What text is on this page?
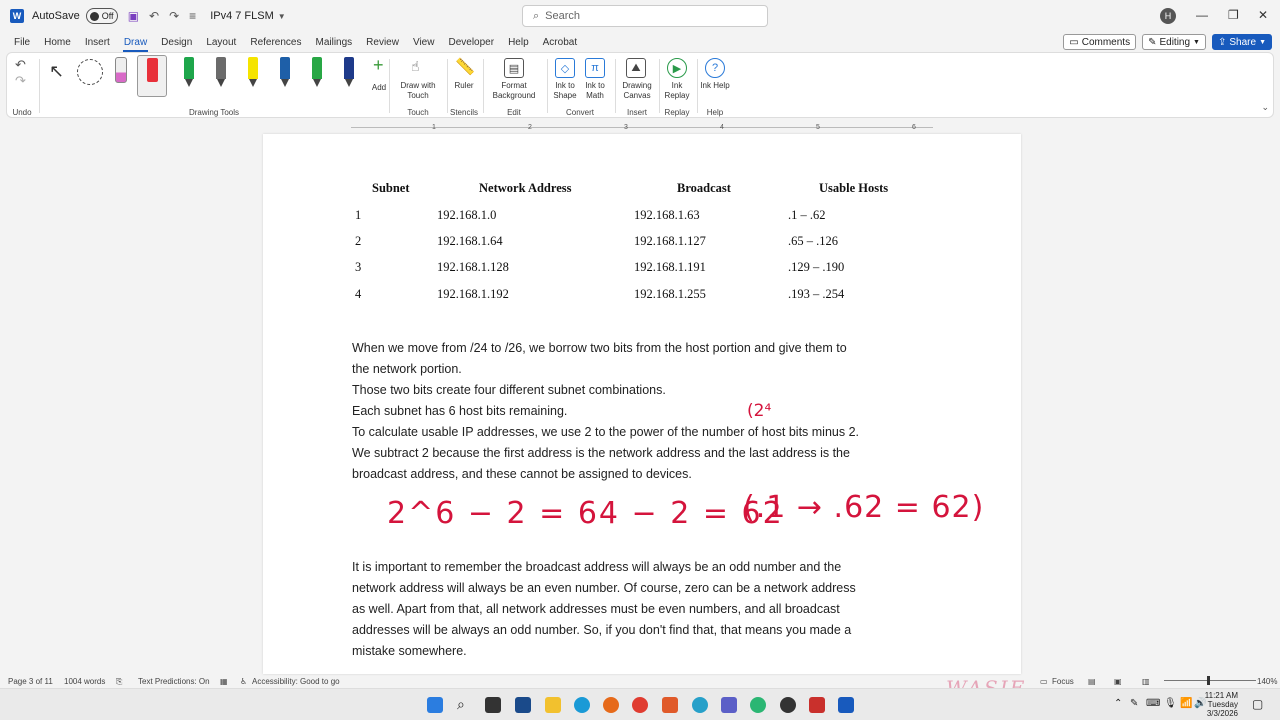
W AutoSave Off ▣ ↶ ↷ ≡ IPv4 7 FLSM ▼	⌕ Search	H	— ❐ ✕
File	Home	Insert	Draw	Design	Layout	References	Mailings	Review	View	Developer	Help	Acrobat	▭ Comments ✎ Editing ▼ ⇪ Share ▼
↶
↷
Undo
↖	+
Add
Drawing Tools
☝
Draw with Touch
Touch
📏
Ruler
Stencils
▤
Format Background
Edit
◇
Ink to Shape
π
Ink to Math
Convert
⛰
Drawing Canvas
Insert
▶
Ink Replay
Replay
?
Ink Help
Help
⌄
1	2	3	4	5	6
Subnet	Network Address	Broadcast	Usable Hosts
1	192.168.1.0	192.168.1.63	.1 – .62
2	192.168.1.64	192.168.1.127	.65 – .126
3	192.168.1.128	192.168.1.191	.129 – .190
4	192.168.1.192	192.168.1.255	.193 – .254
When we move from /24 to /26, we borrow two bits from the host portion and give them to
the network portion.
Those two bits create four different subnet combinations.
Each subnet has 6 host bits remaining.
To calculate usable IP addresses, we use 2 to the power of the number of host bits minus 2.
We subtract 2 because the first address is the network address and the last address is the
broadcast address, and these cannot be assigned to devices.
(2⁴
2^6 − 2 = 64 − 2 = 62
(.1 → .62 = 62)
It is important to remember the broadcast address will always be an odd number and the
network address will always be an even number. Of course, zero can be a network address
as well. Apart from that, all network addresses must be even numbers, and all broadcast
addresses will be always an odd number. So, if you don't find that, that means you made a
mistake somewhere.
Page 3 of 11 1004 words ⎘ Text Predictions: On ▦ ♿ Accessibility: Good to go	▭ Focus ▤ ▣	▥	140%
⌕	⌃ ✎ ⌨ 🎙 📶 🔊
11:21 AM
Tuesday
3/3/2026
▢
